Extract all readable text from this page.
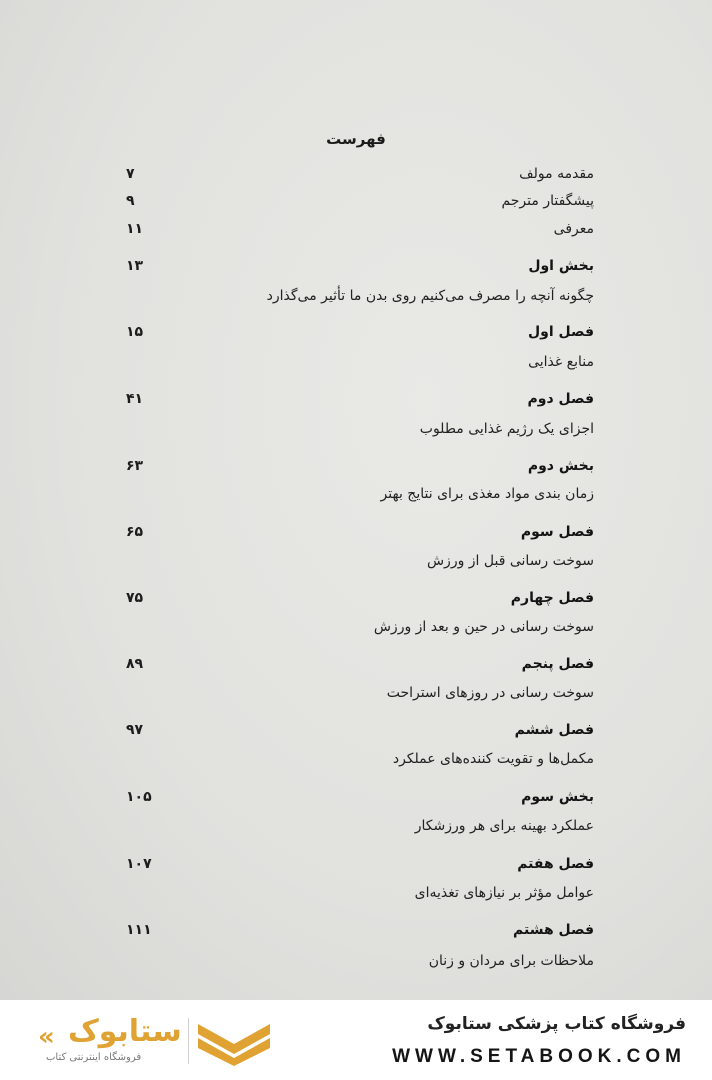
فهرست
مقدمه مولف
۷
پیشگفتار مترجم
۹
معرفی
۱۱
بخش اول
۱۳
چگونه آنچه را مصرف می‌کنیم روی بدن ما تأثیر می‌گذارد
فصل اول
۱۵
منابع غذایی
فصل دوم
۴۱
اجزای یک رژیم غذایی مطلوب
بخش دوم
۶۳
زمان بندی مواد مغذی برای نتایج بهتر
فصل سوم
۶۵
سوخت رسانی قبل از ورزش
فصل چهارم
۷۵
سوخت رسانی در حین و بعد از ورزش
فصل پنجم
۸۹
سوخت رسانی در روزهای استراحت
فصل ششم
۹۷
مکمل‌ها و تقویت کننده‌های عملکرد
بخش سوم
۱۰۵
عملکرد بهینه برای هر ورزشکار
فصل هفتم
۱۰۷
عوامل مؤثر بر نیازهای تغذیه‌ای
فصل هشتم
۱۱۱
ملاحظات برای مردان و زنان
فروشگاه کتاب پزشکی ستابوک
WWW.SETABOOK.COM
« ستابوک
فروشگاه اینترنتی کتاب
